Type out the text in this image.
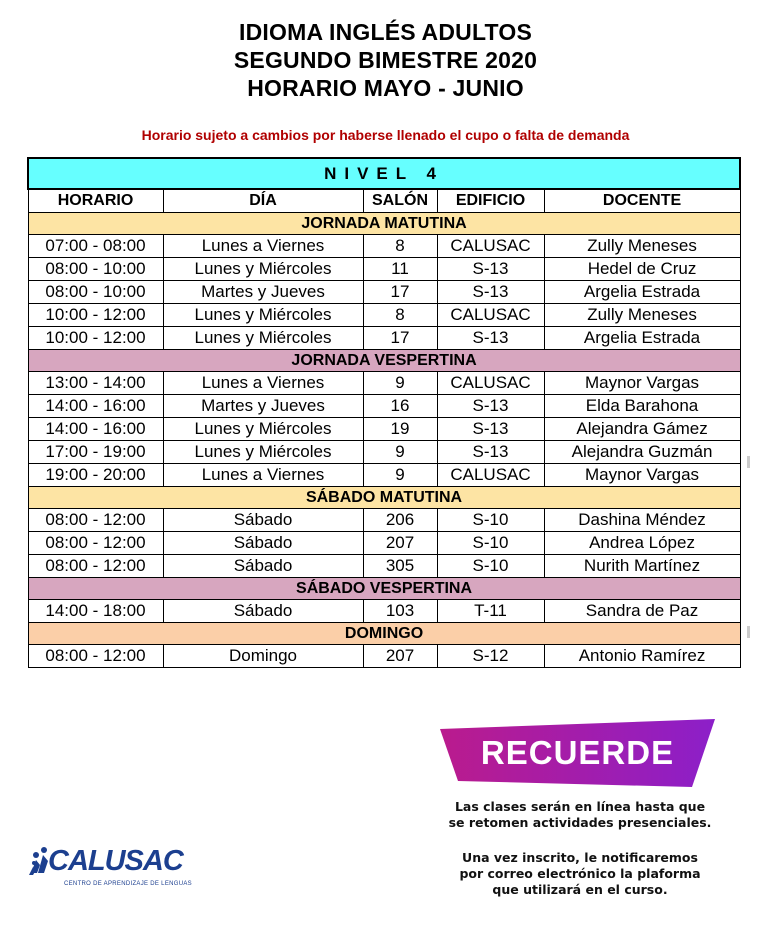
IDIOMA INGLÉS ADULTOS
SEGUNDO BIMESTRE 2020
HORARIO MAYO - JUNIO
Horario sujeto a cambios por haberse llenado el cupo o falta de demanda
NIVEL 4				
HORARIO	DÍA	SALÓN	EDIFICIO	DOCENTE
JORNADA MATUTINA				
07:00 - 08:00	Lunes a Viernes	8	CALUSAC	Zully Meneses
08:00 - 10:00	Lunes y Miércoles	11	S-13	Hedel de Cruz
08:00 - 10:00	Martes y Jueves	17	S-13	Argelia Estrada
10:00 - 12:00	Lunes y Miércoles	8	CALUSAC	Zully Meneses
10:00 - 12:00	Lunes y Miércoles	17	S-13	Argelia Estrada
JORNADA VESPERTINA				
13:00 - 14:00	Lunes a Viernes	9	CALUSAC	Maynor Vargas
14:00 - 16:00	Martes y Jueves	16	S-13	Elda Barahona
14:00 - 16:00	Lunes y Miércoles	19	S-13	Alejandra Gámez
17:00 - 19:00	Lunes y Miércoles	9	S-13	Alejandra Guzmán
19:00 - 20:00	Lunes a Viernes	9	CALUSAC	Maynor Vargas
SÁBADO MATUTINA				
08:00 - 12:00	Sábado	206	S-10	Dashina Méndez
08:00 - 12:00	Sábado	207	S-10	Andrea López
08:00 - 12:00	Sábado	305	S-10	Nurith Martínez
SÁBADO VESPERTINA				
14:00 - 18:00	Sábado	103	T-11	Sandra de Paz
DOMINGO				
08:00 - 12:00	Domingo	207	S-12	Antonio Ramírez
RECUERDE
Las clases serán en línea hasta que
se retomen actividades presenciales.
Una vez inscrito, le notificaremos
por correo electrónico la plaforma
que utilizará en el curso.
CALUSAC
CENTRO DE APRENDIZAJE DE LENGUAS
